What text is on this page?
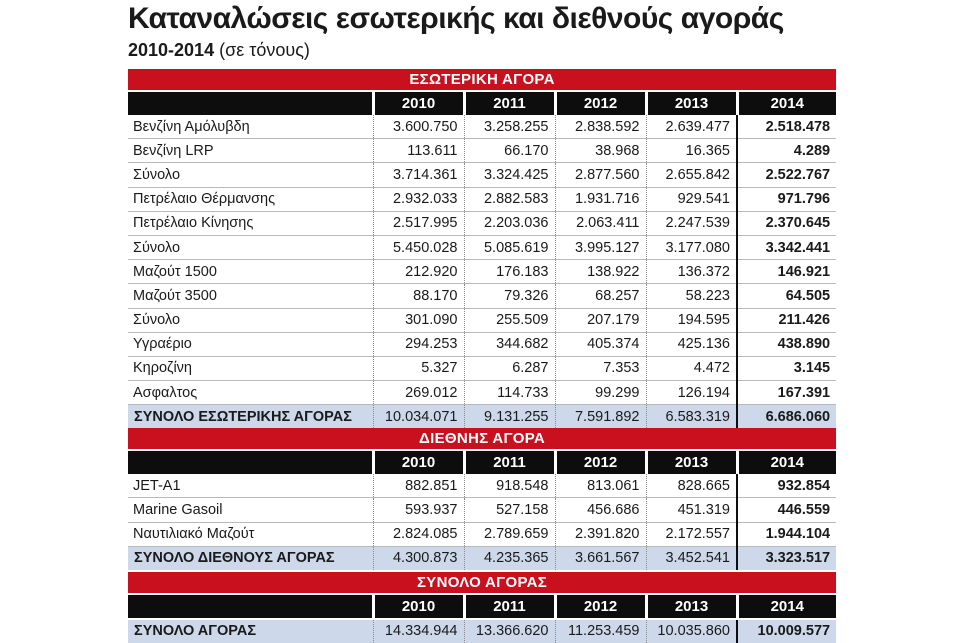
Καταναλώσεις εσωτερικής και διεθνούς αγοράς
2010-2014 (σε τόνους)
ΕΣΩΤΕΡΙΚΗ ΑΓΟΡΑ					

	2010	2011	2012	2013	2014
Βενζίνη Αμόλυβδη	3.600.750	3.258.255	2.838.592	2.639.477	2.518.478
Βενζίνη LRP	113.611	66.170	38.968	16.365	4.289
Σύνολο	3.714.361	3.324.425	2.877.560	2.655.842	2.522.767
Πετρέλαιο Θέρμανσης	2.932.033	2.882.583	1.931.716	929.541	971.796
Πετρέλαιο Κίνησης	2.517.995	2.203.036	2.063.411	2.247.539	2.370.645
Σύνολο	5.450.028	5.085.619	3.995.127	3.177.080	3.342.441
Μαζούτ 1500	212.920	176.183	138.922	136.372	146.921
Μαζούτ 3500	88.170	79.326	68.257	58.223	64.505
Σύνολο	301.090	255.509	207.179	194.595	211.426
Υγραέριο	294.253	344.682	405.374	425.136	438.890
Κηροζίνη	5.327	6.287	7.353	4.472	3.145
Ασφαλτος	269.012	114.733	99.299	126.194	167.391
ΣΥΝΟΛΟ ΕΣΩΤΕΡΙΚΗΣ ΑΓΟΡΑΣ	10.034.071	9.131.255	7.591.892	6.583.319	6.686.060
ΔΙΕΘΝΗΣ ΑΓΟΡΑ					

	2010	2011	2012	2013	2014
JET-A1	882.851	918.548	813.061	828.665	932.854
Marine Gasoil	593.937	527.158	456.686	451.319	446.559
Ναυτιλιακό Μαζούτ	2.824.085	2.789.659	2.391.820	2.172.557	1.944.104
ΣΥΝΟΛΟ ΔΙΕΘΝΟΥΣ ΑΓΟΡΑΣ	4.300.873	4.235.365	3.661.567	3.452.541	3.323.517

ΣΥΝΟΛΟ ΑΓΟΡΑΣ					

	2010	2011	2012	2013	2014

ΣΥΝΟΛΟ ΑΓΟΡΑΣ	14.334.944	13.366.620	11.253.459	10.035.860	10.009.577
